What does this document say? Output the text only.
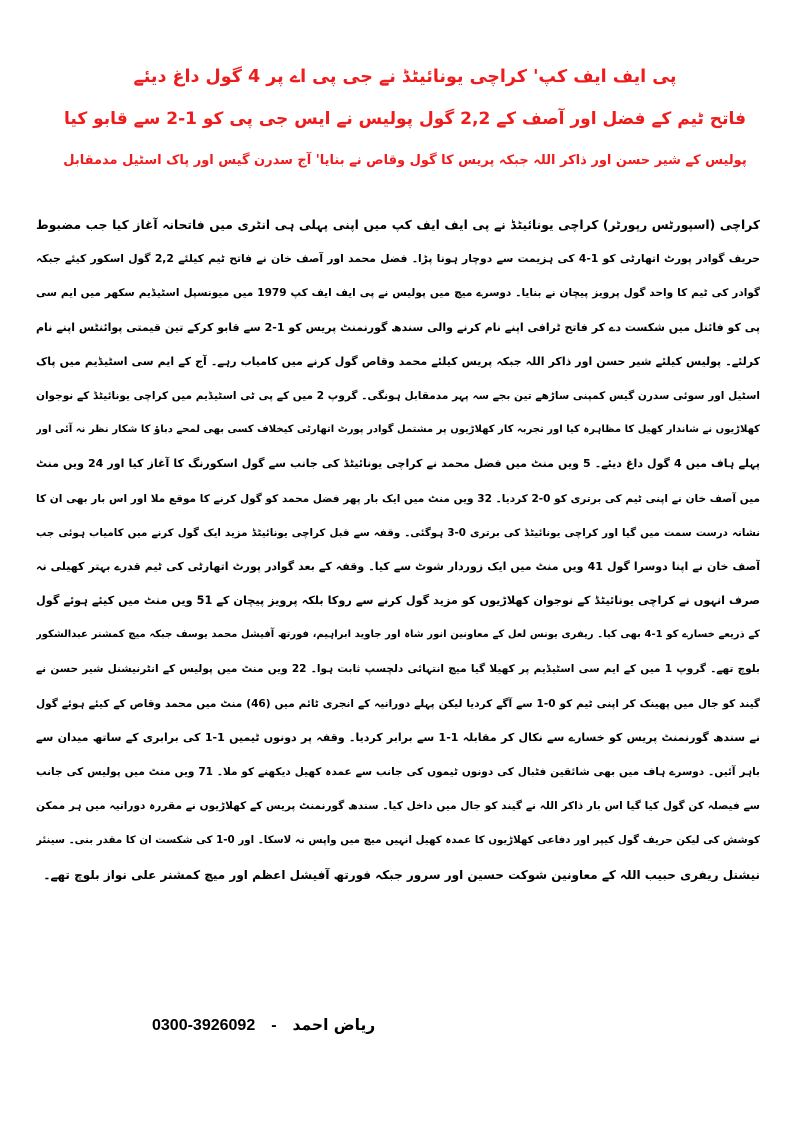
پی ایف ایف کپ' کراچی یونائیٹڈ نے جی پی اے پر 4 گول داغ دیئے
فاتح ٹیم کے فضل اور آصف کے 2,2 گول پولیس نے ایس جی پی کو 1-2 سے قابو کیا
پولیس کے شیر حسن اور ذاکر اللہ جبکہ پریس کا گول وقاص نے بنایا' آج سدرن گیس اور پاک اسٹیل مدمقابل
کراچی (اسپورٹس رپورٹر) کراچی یونائیٹڈ نے پی ایف ایف کپ میں اپنی پہلی ہی انٹری میں فاتحانہ آغاز کیا جب مضبوط
حریف گوادر پورٹ اتھارٹی کو 1-4 کی ہزیمت سے دوچار ہونا پڑا۔ فضل محمد اور آصف خان نے فاتح ٹیم کیلئے 2,2 گول اسکور کیئے جبکہ
گوادر کی ٹیم کا واحد گول پرویز پیچان نے بنایا۔ دوسرے میچ میں پولیس نے پی ایف ایف کپ 1979 میں میونسپل اسٹیڈیم سکھر میں ایم سی
پی کو فائنل میں شکست دے کر فاتح ٹرافی اپنے نام کرنے والی سندھ گورنمنٹ پریس کو 1-2 سے قابو کرکے تین قیمتی پوائنٹس اپنے نام
کرلئے۔ پولیس کیلئے شیر حسن اور ذاکر اللہ جبکہ پریس کیلئے محمد وقاص گول کرنے میں کامیاب رہے۔ آج کے ایم سی اسٹیڈیم میں پاک
اسٹیل اور سوئی سدرن گیس کمپنی ساڑھے تین بجے سہ پہر مدمقابل ہونگی۔ گروپ 2 میں کے پی ٹی اسٹیڈیم میں کراچی یونائیٹڈ کے نوجوان
کھلاڑیوں نے شاندار کھیل کا مظاہرہ کیا اور تجربہ کار کھلاڑیوں پر مشتمل گوادر پورٹ اتھارٹی کیخلاف کسی بھی لمحے دباؤ کا شکار نظر نہ آئی اور
پہلے ہاف میں 4 گول داغ دیئے۔ 5 ویں منٹ میں فضل محمد نے کراچی یونائیٹڈ کی جانب سے گول اسکورنگ کا آغاز کیا اور 24 ویں منٹ
میں آصف خان نے اپنی ٹیم کی برتری کو 0-2 کردیا۔ 32 ویں منٹ میں ایک بار پھر فضل محمد کو گول کرنے کا موقع ملا اور اس بار بھی ان کا
نشانہ درست سمت میں گیا اور کراچی یونائیٹڈ کی برتری 0-3 ہوگئی۔ وقفہ سے قبل کراچی یونائیٹڈ مزید ایک گول کرنے میں کامیاب ہوئی جب
آصف خان نے اپنا دوسرا گول 41 ویں منٹ میں ایک زوردار شوٹ سے کیا۔ وقفہ کے بعد گوادر پورٹ اتھارٹی کی ٹیم قدرے بہتر کھیلی نہ
صرف انہوں نے کراچی یونائیٹڈ کے نوجوان کھلاڑیوں کو مزید گول کرنے سے روکا بلکہ پرویز پیچان کے 51 ویں منٹ میں کیئے ہوئے گول
کے ذریعے خسارے کو 1-4 بھی کیا۔ ریفری یونس لعل کے معاونین انور شاہ اور جاوید ابراہیم، فورتھ آفیشل محمد یوسف جبکہ میچ کمشنر عبدالشکور
بلوچ تھے۔ گروپ 1 میں کے ایم سی اسٹیڈیم پر کھیلا گیا میچ انتہائی دلچسپ ثابت ہوا۔ 22 ویں منٹ میں پولیس کے انٹرنیشنل شیر حسن نے
گیند کو جال میں پھینک کر اپنی ٹیم کو 0-1 سے آگے کردیا لیکن پہلے دورانیہ کے انجری ٹائم میں (46) منٹ میں محمد وقاص کے کیئے ہوئے گول
نے سندھ گورنمنٹ پریس کو خسارے سے نکال کر مقابلہ 1-1 سے برابر کردیا۔ وقفہ پر دونوں ٹیمیں 1-1 کی برابری کے ساتھ میدان سے
باہر آئیں۔ دوسرے ہاف میں بھی شائقین فٹبال کی دونوں ٹیموں کی جانب سے عمدہ کھیل دیکھنے کو ملا۔ 71 ویں منٹ میں پولیس کی جانب
سے فیصلہ کن گول کیا گیا اس بار ذاکر اللہ نے گیند کو جال میں داخل کیا۔ سندھ گورنمنٹ پریس کے کھلاڑیوں نے مقررہ دورانیہ میں ہر ممکن
کوشش کی لیکن حریف گول کیپر اور دفاعی کھلاڑیوں کا عمدہ کھیل انہیں میچ میں واپس نہ لاسکا۔ اور 0-1 کی شکست ان کا مقدر بنی۔ سینئر
نیشنل ریفری حبیب اللہ کے معاونین شوکت حسین اور سرور جبکہ فورتھ آفیشل اعظم اور میچ کمشنر علی نواز بلوچ تھے۔
0300-3926092 - ریاض احمد
